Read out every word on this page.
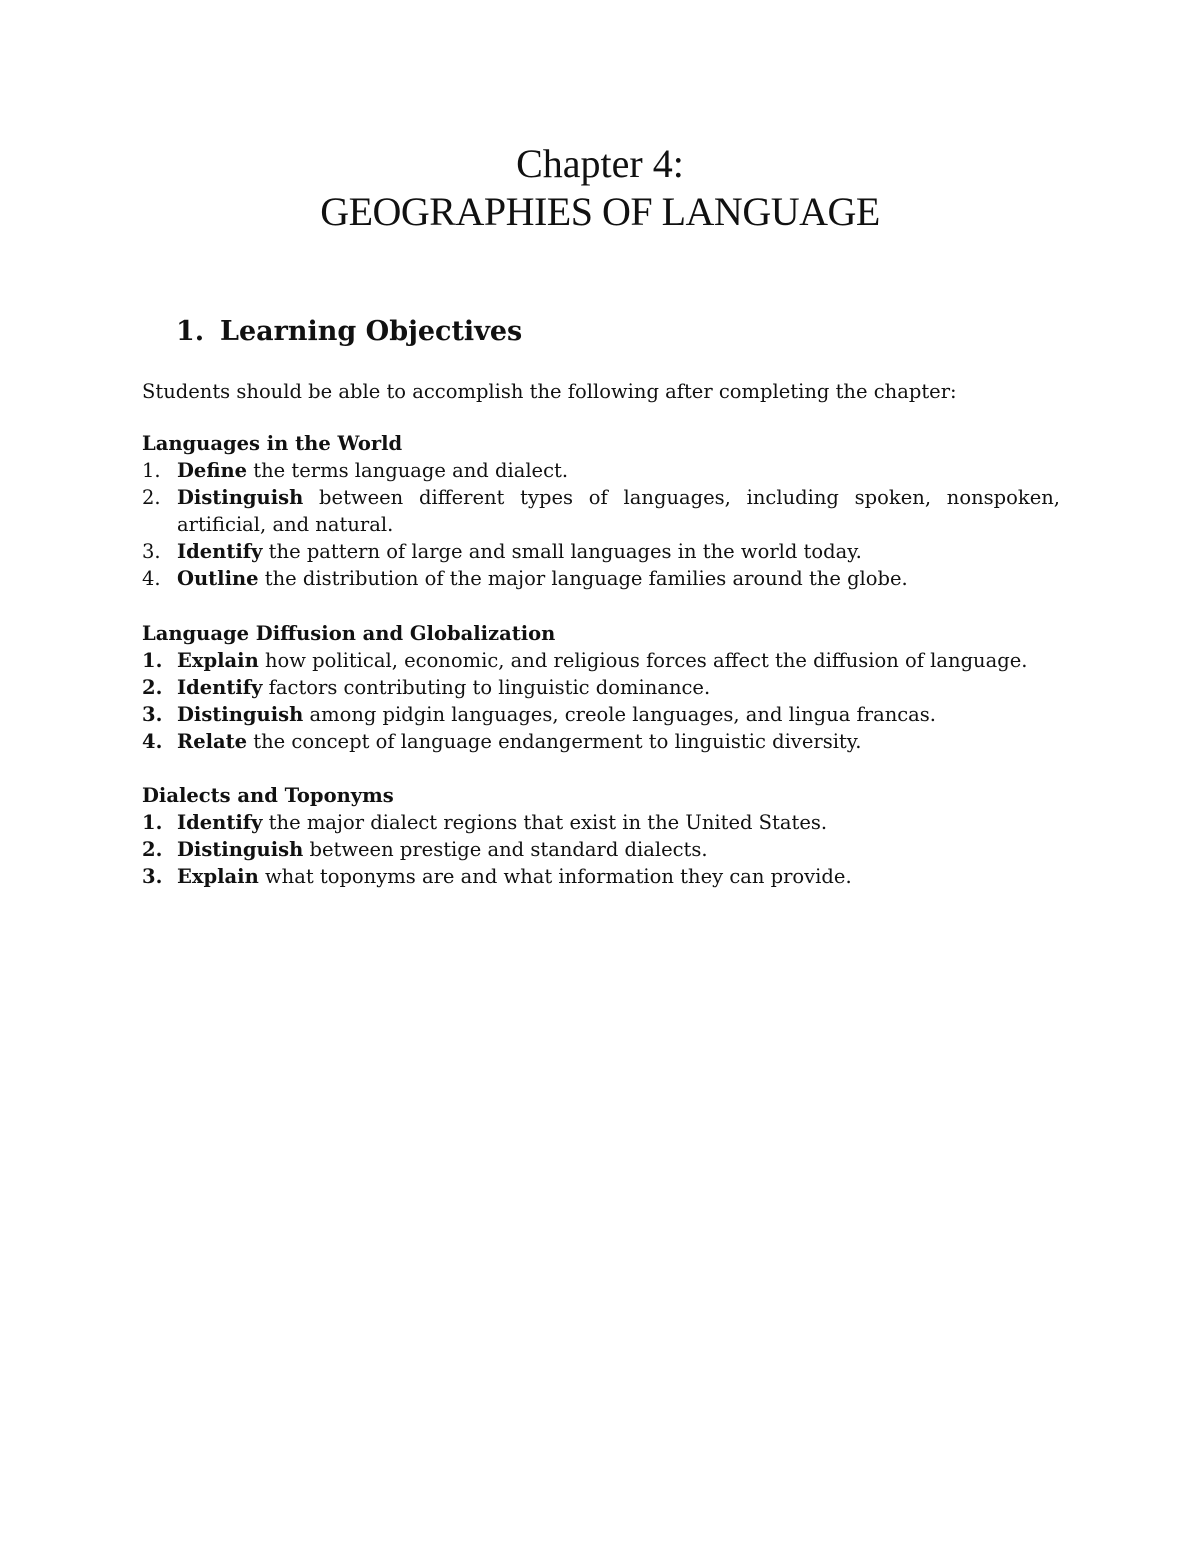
Chapter 4:

GEOGRAPHIES OF LANGUAGE

1. Learning Objectives

Students should be able to accomplish the following after completing the chapter:

Languages in the World
1. Define the terms language and dialect.
2. Distinguish between different types of languages, including spoken, nonspoken, artificial, and natural.
3. Identify the pattern of large and small languages in the world today.
4. Outline the distribution of the major language families around the globe.
Language Diffusion and Globalization
1. Explain how political, economic, and religious forces affect the diffusion of language.
2. Identify factors contributing to linguistic dominance.
3. Distinguish among pidgin languages, creole languages, and lingua francas.
4. Relate the concept of language endangerment to linguistic diversity.
Dialects and Toponyms
1. Identify the major dialect regions that exist in the United States.
2. Distinguish between prestige and standard dialects.
3. Explain what toponyms are and what information they can provide.
